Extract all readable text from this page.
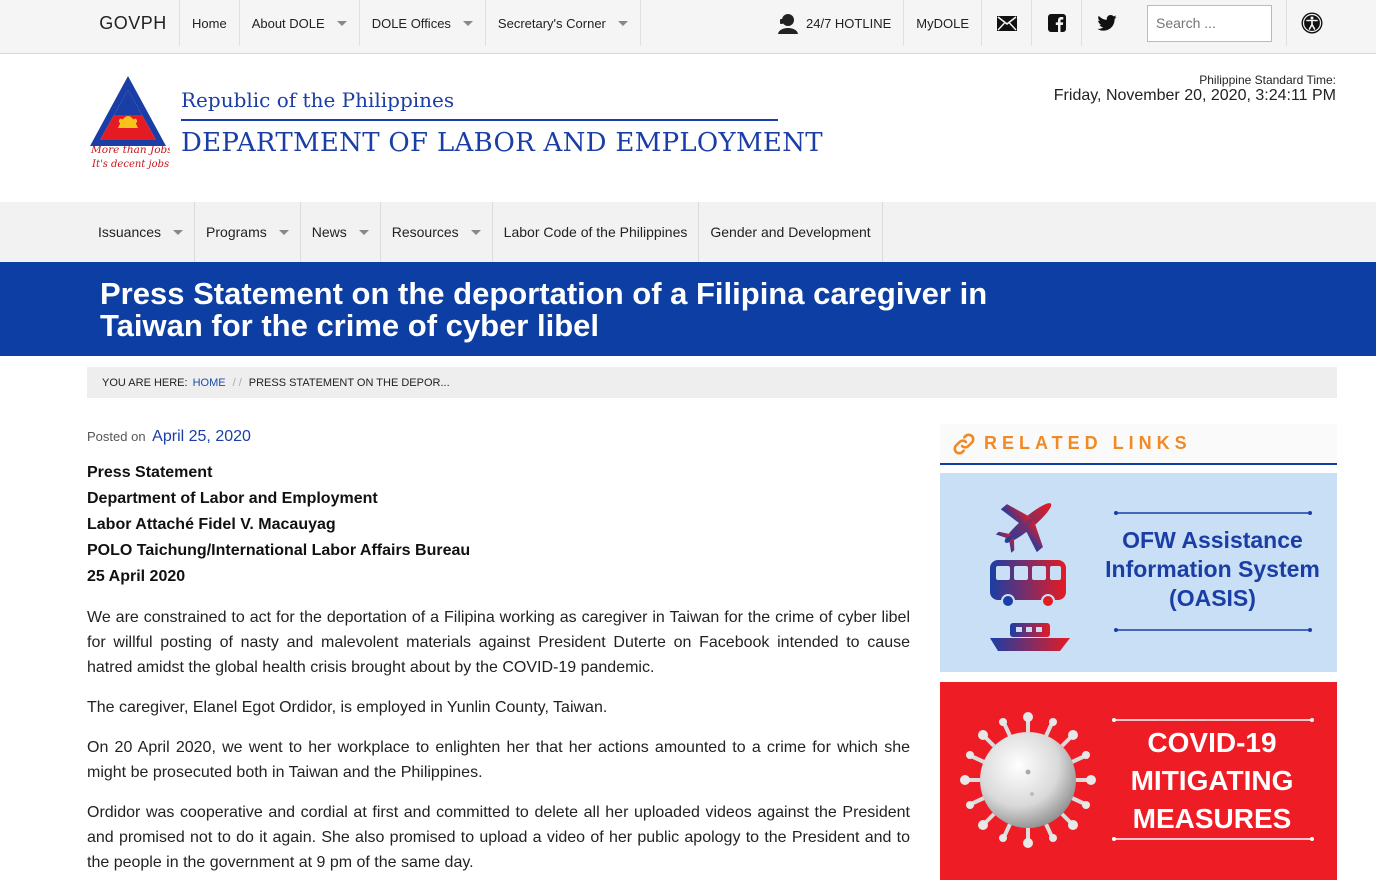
GOVPH	Home About DOLE	DOLE Offices	Secretary's Corner	24/7 HOTLINE MyDOLE
Search ...
More than Jobs!
It's decent jobs.
Republic of the Philippines
DEPARTMENT OF LABOR AND EMPLOYMENT
Philippine Standard Time:
Friday, November 20, 2020, 3:24:11 PM
Issuances	Programs	News	Resources	Labor Code of the Philippines Gender and Development
Press Statement on the deportation of a Filipina caregiver in Taiwan for the crime of cyber libel
YOU ARE HERE: HOME / / PRESS STATEMENT ON THE DEPOR...
Posted on April 25, 2020
Press Statement
Department of Labor and Employment
Labor Attaché Fidel V. Macauyag
POLO Taichung/International Labor Affairs Bureau
25 April 2020

We are constrained to act for the deportation of a Filipina working as caregiver in Taiwan for the crime of cyber libel for willful posting of nasty and malevolent materials against President Duterte on Facebook intended to cause hatred amidst the global health crisis brought about by the COVID-19 pandemic.

The caregiver, Elanel Egot Ordidor, is employed in Yunlin County, Taiwan.

On 20 April 2020, we went to her workplace to enlighten her that her actions amounted to a crime for which she might be prosecuted both in Taiwan and the Philippines.

Ordidor was cooperative and cordial at first and committed to delete all her uploaded videos against the President and promised not to do it again. She also promised to upload a video of her public apology to the President and to the people in the government at 9 pm of the same day.

RELATED LINKS
OFW Assistance
Information System
(OASIS)
COVID-19
MITIGATING
MEASURES
